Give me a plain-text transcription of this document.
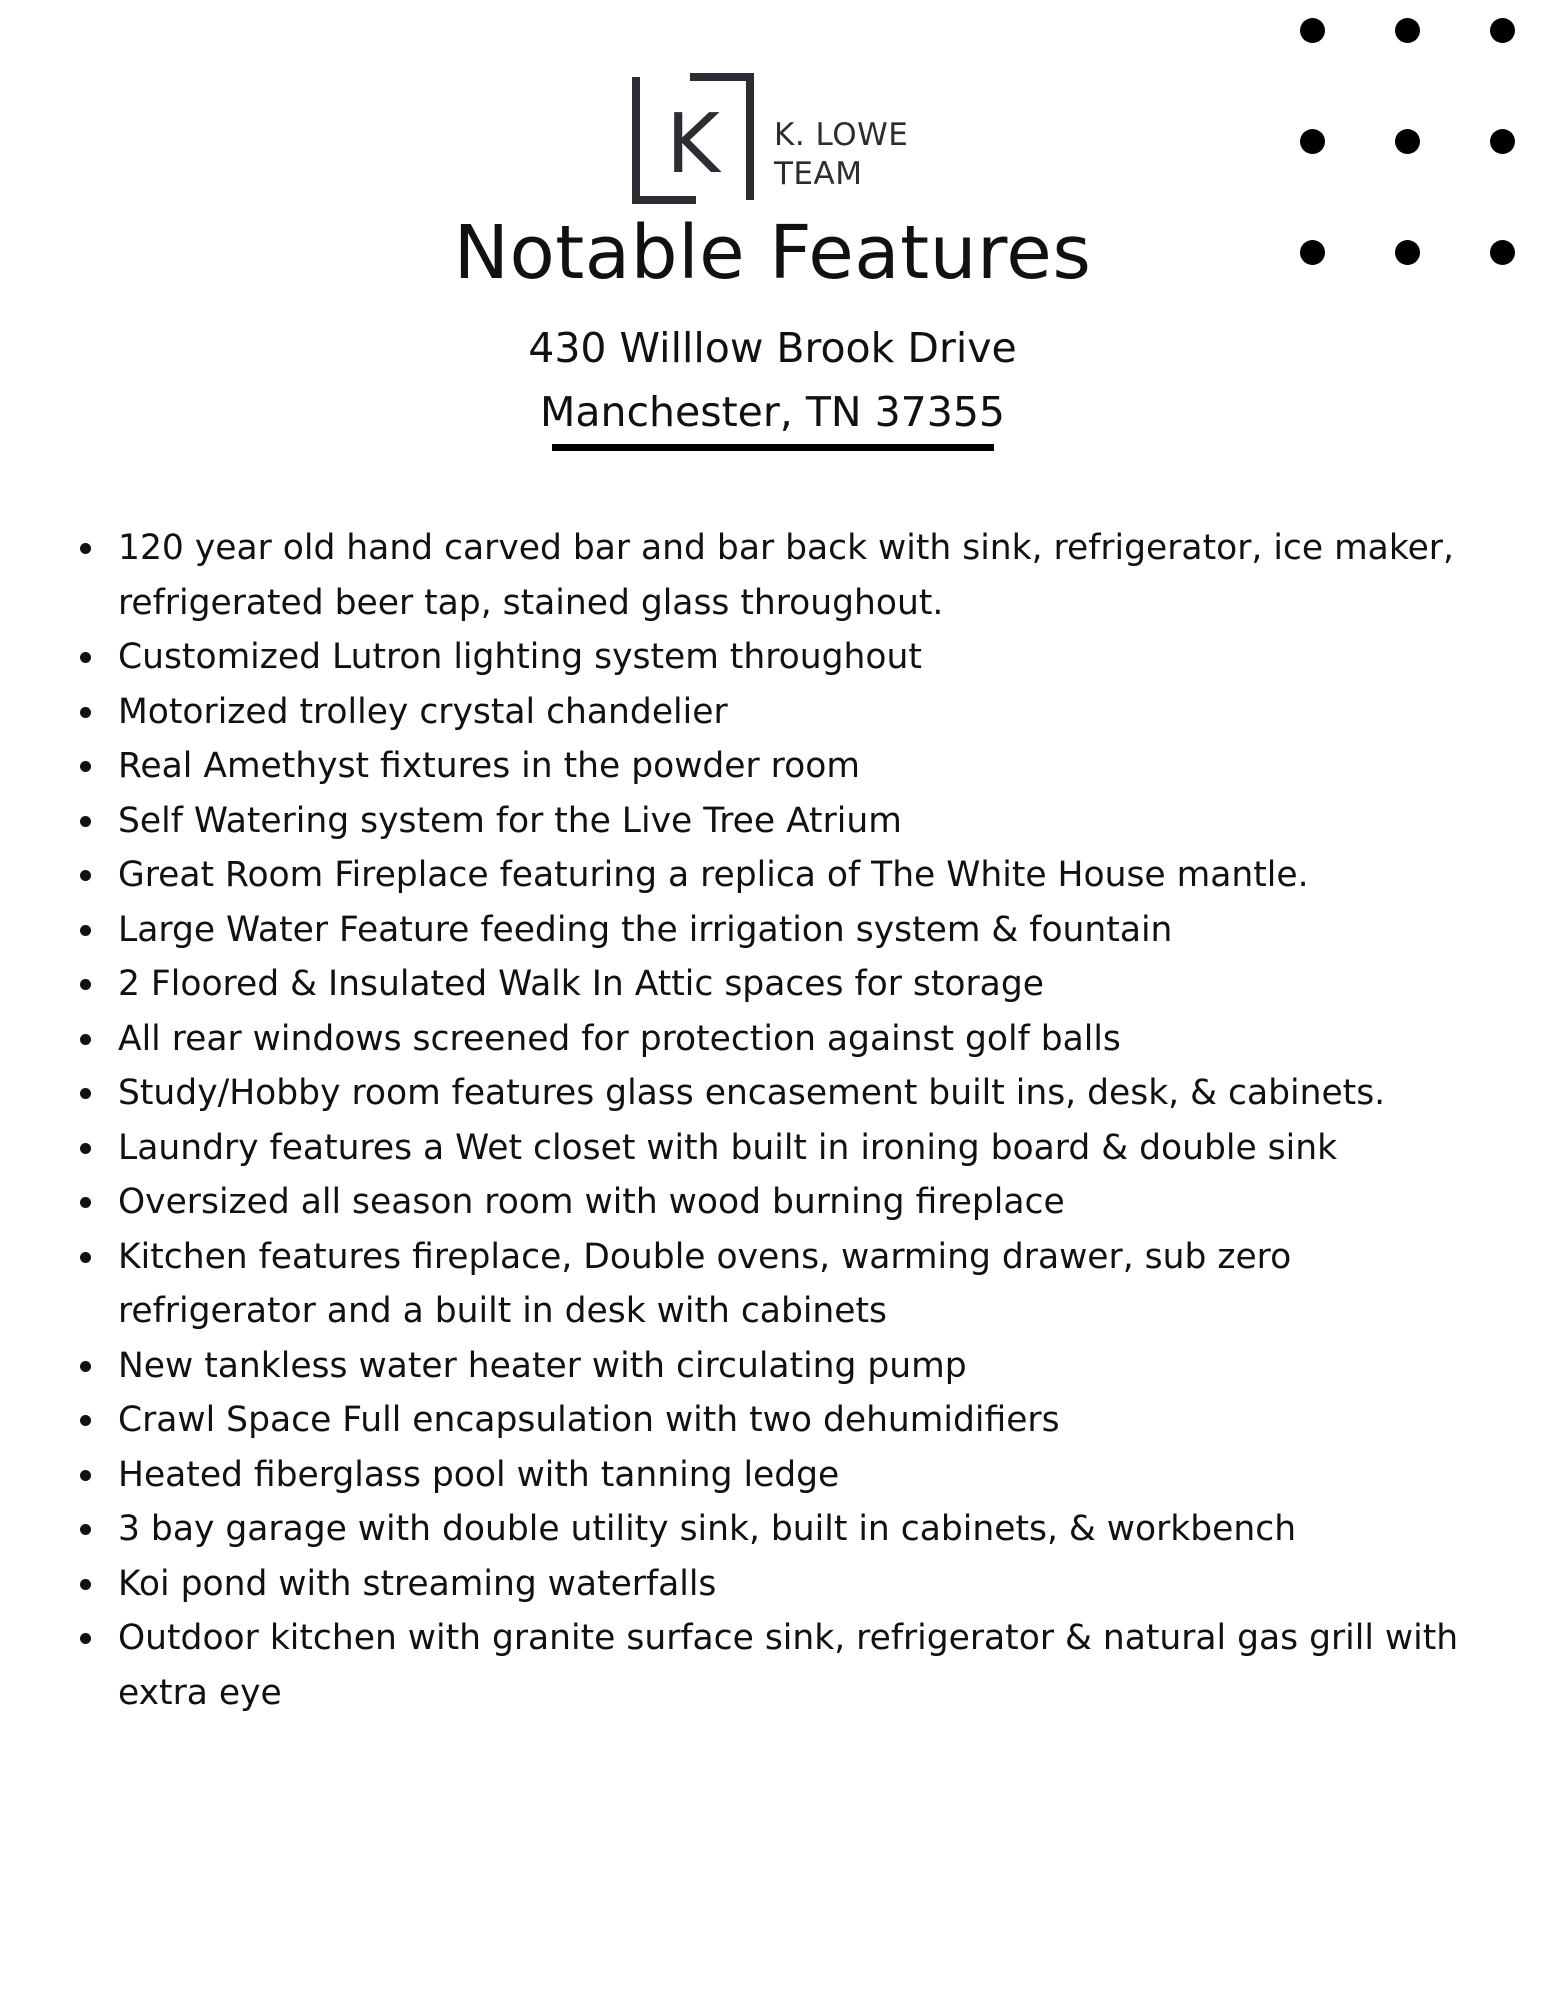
K K. LOWE
TEAM
Notable Features
430 Willlow Brook Drive
Manchester, TN 37355
120 year old hand carved bar and bar back with sink, refrigerator, ice maker, refrigerated beer tap, stained glass throughout.
Customized Lutron lighting system throughout
Motorized trolley crystal chandelier
Real Amethyst fixtures in the powder room
Self Watering system for the Live Tree Atrium
Great Room Fireplace featuring a replica of The White House mantle.
Large Water Feature feeding the irrigation system & fountain
2 Floored & Insulated Walk In Attic spaces for storage
All rear windows screened for protection against golf balls
Study/Hobby room features glass encasement built ins, desk, & cabinets.
Laundry features a Wet closet with built in ironing board & double sink
Oversized all season room with wood burning fireplace
Kitchen features fireplace, Double ovens, warming drawer, sub zero refrigerator and a built in desk with cabinets
New tankless water heater with circulating pump
Crawl Space Full encapsulation with two dehumidifiers
Heated fiberglass pool with tanning ledge
3 bay garage with double utility sink, built in cabinets, & workbench
Koi pond with streaming waterfalls
Outdoor kitchen with granite surface sink, refrigerator & natural gas grill with extra eye
